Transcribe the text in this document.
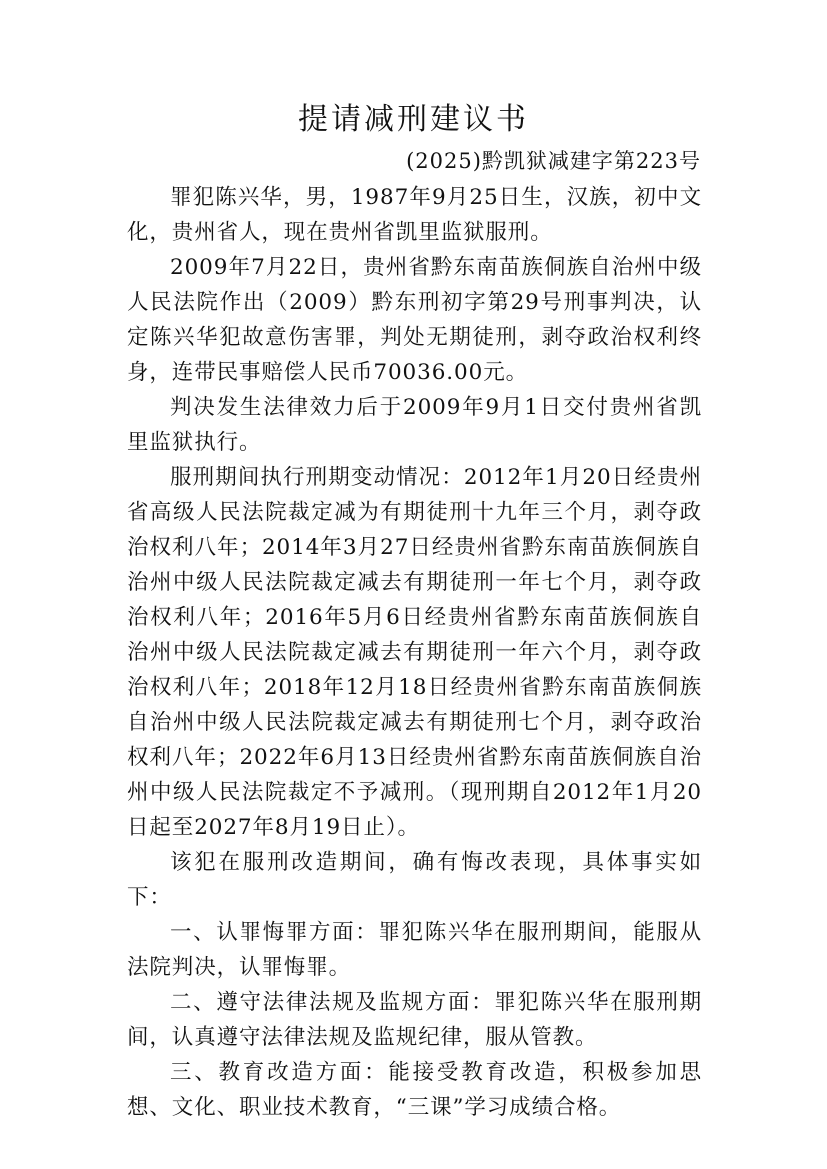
提请减刑建议书
(2025)黔凯狱减建字第223号

罪犯陈兴华，男，1987年9月25日生，汉族，初中文化，贵州省人，现在贵州省凯里监狱服刑。

2009年7月22日，贵州省黔东南苗族侗族自治州中级人民法院作出（2009）黔东刑初字第29号刑事判决，认定陈兴华犯故意伤害罪，判处无期徒刑，剥夺政治权利终身，连带民事赔偿人民币70036.00元。

判决发生法律效力后于2009年9月1日交付贵州省凯里监狱执行。

服刑期间执行刑期变动情况：2012年1月20日经贵州省高级人民法院裁定减为有期徒刑十九年三个月，剥夺政治权利八年；2014年3月27日经贵州省黔东南苗族侗族自治州中级人民法院裁定减去有期徒刑一年七个月，剥夺政治权利八年；2016年5月6日经贵州省黔东南苗族侗族自治州中级人民法院裁定减去有期徒刑一年六个月，剥夺政治权利八年；2018年12月18日经贵州省黔东南苗族侗族自治州中级人民法院裁定减去有期徒刑七个月，剥夺政治权利八年；2022年6月13日经贵州省黔东南苗族侗族自治州中级人民法院裁定不予减刑。（现刑期自2012年1月20日起至2027年8月19日止）。

该犯在服刑改造期间，确有悔改表现，具体事实如下：

一、认罪悔罪方面：罪犯陈兴华在服刑期间，能服从法院判决，认罪悔罪。

二、遵守法律法规及监规方面：罪犯陈兴华在服刑期间，认真遵守法律法规及监规纪律，服从管教。

三、教育改造方面：能接受教育改造，积极参加思想、文化、职业技术教育，“三课”学习成绩合格。
